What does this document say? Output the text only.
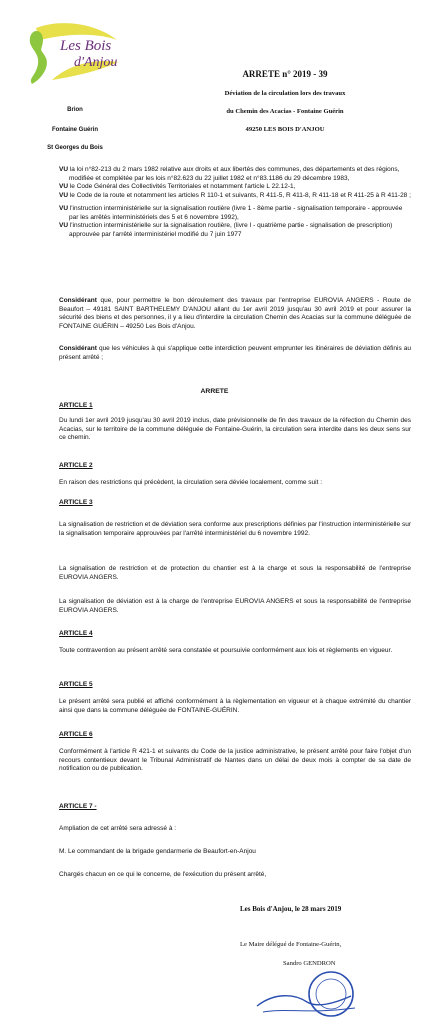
Les Bois
d'Anjou
Brion
Fontaine Guérin
St Georges du Bois
ARRETE n° 2019 - 39
Déviation de la circulation lors des travaux
du Chemin des Acacias - Fontaine Guérin
49250 LES BOIS D'ANJOU

VU la loi n°82-213 du 2 mars 1982 relative aux droits et aux libertés des communes, des départements et des régions, modifiée et complétée par les lois n°82.623 du 22 juillet 1982 et n°83.1186 du 29 décembre 1983,

VU le Code Général des Collectivités Territoriales et notamment l'article L 22.12-1,

VU le Code de la route et notamment les articles R 110-1 et suivants, R 411-5, R 411-8, R 411-18 et R 411-25 à R 411-28 ;

VU l'instruction interministérielle sur la signalisation routière (livre 1 - 8ème partie - signalisation temporaire - approuvée par les arrêtés interministériels des 5 et 6 novembre 1992),

VU l'instruction interministérielle sur la signalisation routière, (livre I - quatrième partie - signalisation de prescription) approuvée par l'arrêté interministériel modifié du 7 juin 1977

Considérant que, pour permettre le bon déroulement des travaux par l'entreprise EUROVIA ANGERS - Route de Beaufort – 49181 SAINT BARTHELEMY D'ANJOU allant du 1er avril 2019 jusqu'au 30 avril 2019 et pour assurer la sécurité des biens et des personnes, il y a lieu d'interdire la circulation Chemin des Acacias sur la commune déléguée de FONTAINE GUÉRIN – 49250 Les Bois d'Anjou.

Considérant que les véhicules à qui s'applique cette interdiction peuvent emprunter les itinéraires de déviation définis au présent arrêté ;

ARRETE

ARTICLE 1

Du lundi 1er avril 2019 jusqu'au 30 avril 2019 inclus, date prévisionnelle de fin des travaux de la réfection du Chemin des Acacias, sur le territoire de la commune déléguée de Fontaine-Guérin, la circulation sera interdite dans les deux sens sur ce chemin.

ARTICLE 2

En raison des restrictions qui précèdent, la circulation sera déviée localement, comme suit :

ARTICLE 3

La signalisation de restriction et de déviation sera conforme aux prescriptions définies par l'instruction interministérielle sur la signalisation temporaire approuvées par l'arrêté interministériel du 6 novembre 1992.

La signalisation de restriction et de protection du chantier est à la charge et sous la responsabilité de l'entreprise EUROVIA ANGERS.

La signalisation de déviation est à la charge de l'entreprise EUROVIA ANGERS et sous la responsabilité de l'entreprise EUROVIA ANGERS.

ARTICLE 4

Toute contravention au présent arrêté sera constatée et poursuivie conformément aux lois et règlements en vigueur.

ARTICLE 5

Le présent arrêté sera publié et affiché conformément à la règlementation en vigueur et à chaque extrémité du chantier ainsi que dans la commune déléguée de FONTAINE-GUÉRIN.

ARTICLE 6

Conformément à l'article R 421-1 et suivants du Code de la justice administrative, le présent arrêté pour faire l'objet d'un recours contentieux devant le Tribunal Administratif de Nantes dans un délai de deux mois à compter de sa date de notification ou de publication.

ARTICLE 7 -

Ampliation de cet arrêté sera adressé à :

M. Le commandant de la brigade gendarmerie de Beaufort-en-Anjou

Chargés chacun en ce qui le concerne, de l'exécution du présent arrêté,

Les Bois d'Anjou, le 28 mars 2019
Le Maire délégué de Fontaine-Guérin,
Sandro GENDRON
